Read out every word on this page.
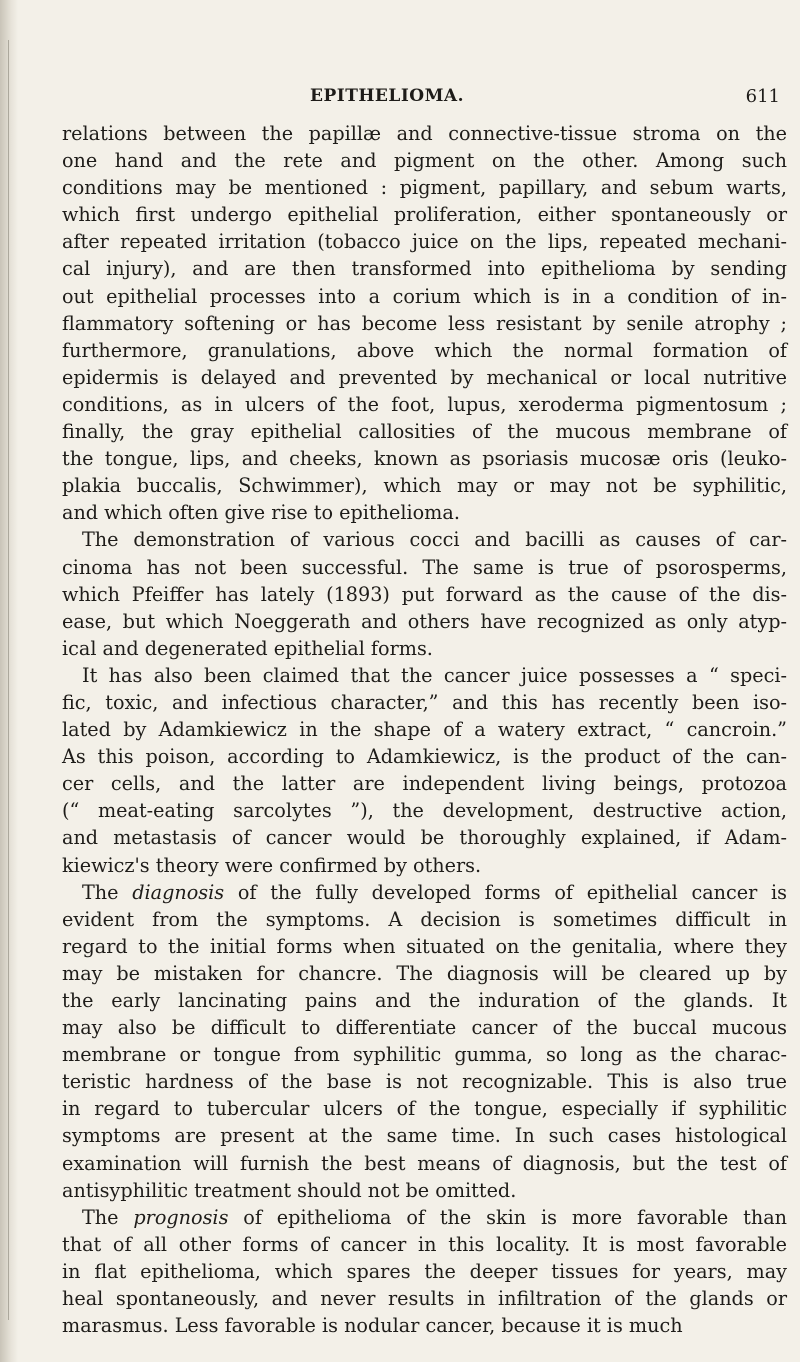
EPITHELIOMA.	611
relations between the papillæ and connective-tissue stroma on the
one hand and the rete and pigment on the other. Among such
conditions may be mentioned : pigment, papillary, and sebum warts,
which first undergo epithelial proliferation, either spontaneously or
after repeated irritation (tobacco juice on the lips, repeated mechani-
cal injury), and are then transformed into epithelioma by sending
out epithelial processes into a corium which is in a condition of in-
flammatory softening or has become less resistant by senile atrophy ;
furthermore, granulations, above which the normal formation of
epidermis is delayed and prevented by mechanical or local nutritive
conditions, as in ulcers of the foot, lupus, xeroderma pigmentosum ;
finally, the gray epithelial callosities of the mucous membrane of
the tongue, lips, and cheeks, known as psoriasis mucosæ oris (leuko-
plakia buccalis, Schwimmer), which may or may not be syphilitic,
and which often give rise to epithelioma.
The demonstration of various cocci and bacilli as causes of car-
cinoma has not been successful. The same is true of psorosperms,
which Pfeiffer has lately (1893) put forward as the cause of the dis-
ease, but which Noeggerath and others have recognized as only atyp-
ical and degenerated epithelial forms.
It has also been claimed that the cancer juice possesses a “ speci-
fic, toxic, and infectious character,” and this has recently been iso-
lated by Adamkiewicz in the shape of a watery extract, “ cancroin.”
As this poison, according to Adamkiewicz, is the product of the can-
cer cells, and the latter are independent living beings, protozoa
(“ meat-eating sarcolytes ”), the development, destructive action,
and metastasis of cancer would be thoroughly explained, if Adam-
kiewicz's theory were confirmed by others.
The diagnosis of the fully developed forms of epithelial cancer is
evident from the symptoms. A decision is sometimes difficult in
regard to the initial forms when situated on the genitalia, where they
may be mistaken for chancre. The diagnosis will be cleared up by
the early lancinating pains and the induration of the glands. It
may also be difficult to differentiate cancer of the buccal mucous
membrane or tongue from syphilitic gumma, so long as the charac-
teristic hardness of the base is not recognizable. This is also true
in regard to tubercular ulcers of the tongue, especially if syphilitic
symptoms are present at the same time. In such cases histological
examination will furnish the best means of diagnosis, but the test of
antisyphilitic treatment should not be omitted.
The prognosis of epithelioma of the skin is more favorable than
that of all other forms of cancer in this locality. It is most favorable
in flat epithelioma, which spares the deeper tissues for years, may
heal spontaneously, and never results in infiltration of the glands or
marasmus. Less favorable is nodular cancer, because it is much
